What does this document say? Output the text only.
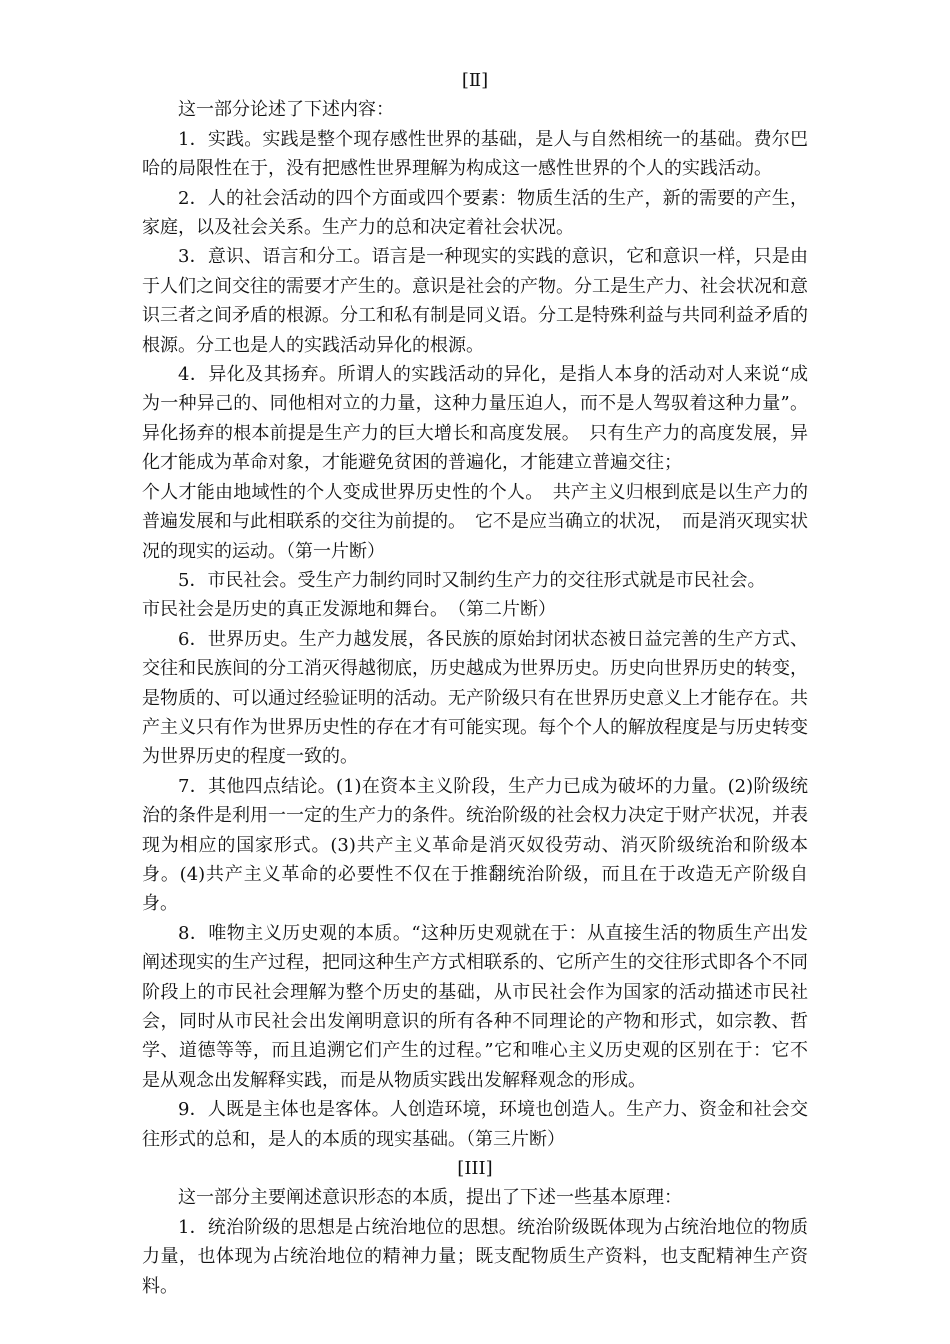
[Ⅱ]

这一部分论述了下述内容：

1．实践。实践是整个现存感性世界的基础，是人与自然相统一的基础。费尔巴哈的局限性在于，没有把感性世界理解为构成这一感性世界的个人的实践活动。

2．人的社会活动的四个方面或四个要素：物质生活的生产，新的需要的产生，家庭，以及社会关系。生产力的总和决定着社会状况。

3．意识、语言和分工。语言是一种现实的实践的意识，它和意识一样，只是由于人们之间交往的需要才产生的。意识是社会的产物。分工是生产力、社会状况和意识三者之间矛盾的根源。分工和私有制是同义语。分工是特殊利益与共同利益矛盾的根源。分工也是人的实践活动异化的根源。

4．异化及其扬弃。所谓人的实践活动的异化，是指人本身的活动对人来说“成为一种异己的、同他相对立的力量，这种力量压迫人，而不是人驾驭着这种力量”。异化扬弃的根本前提是生产力的巨大增长和高度发展。　只有生产力的高度发展，异化才能成为革命对象，才能避免贫困的普遍化，才能建立普遍交往；

个人才能由地域性的个人变成世界历史性的个人。　共产主义归根到底是以生产力的普遍发展和与此相联系的交往为前提的。　它不是应当确立的状况，　而是消灭现实状况的现实的运动。（第一片断）

5．市民社会。受生产力制约同时又制约生产力的交往形式就是市民社会。

市民社会是历史的真正发源地和舞台。　（第二片断）

6．世界历史。生产力越发展，各民族的原始封闭状态被日益完善的生产方式、交往和民族间的分工消灭得越彻底，历史越成为世界历史。历史向世界历史的转变，是物质的、可以通过经验证明的活动。无产阶级只有在世界历史意义上才能存在。共产主义只有作为世界历史性的存在才有可能实现。每个个人的解放程度是与历史转变为世界历史的程度一致的。

7．其他四点结论。(1)在资本主义阶段，生产力已成为破坏的力量。(2)阶级统治的条件是利用一一定的生产力的条件。统治阶级的社会权力决定于财产状况，并表现为相应的国家形式。(3)共产主义革命是消灭奴役劳动、消灭阶级统治和阶级本身。(4)共产主义革命的必要性不仅在于推翻统治阶级，而且在于改造无产阶级自身。

8．唯物主义历史观的本质。“这种历史观就在于：从直接生活的物质生产出发阐述现实的生产过程，把同这种生产方式相联系的、它所产生的交往形式即各个不同阶段上的市民社会理解为整个历史的基础，从市民社会作为国家的活动描述市民社会，同时从市民社会出发阐明意识的所有各种不同理论的产物和形式，如宗教、哲学、道德等等，而且追溯它们产生的过程。”它和唯心主义历史观的区别在于：它不是从观念出发解释实践，而是从物质实践出发解释观念的形成。

9．人既是主体也是客体。人创造环境，环境也创造人。生产力、资金和社会交往形式的总和，是人的本质的现实基础。（第三片断）

[III]

这一部分主要阐述意识形态的本质，提出了下述一些基本原理：

1．统治阶级的思想是占统治地位的思想。统治阶级既体现为占统治地位的物质力量，也体现为占统治地位的精神力量；既支配物质生产资料，也支配精神生产资料。
